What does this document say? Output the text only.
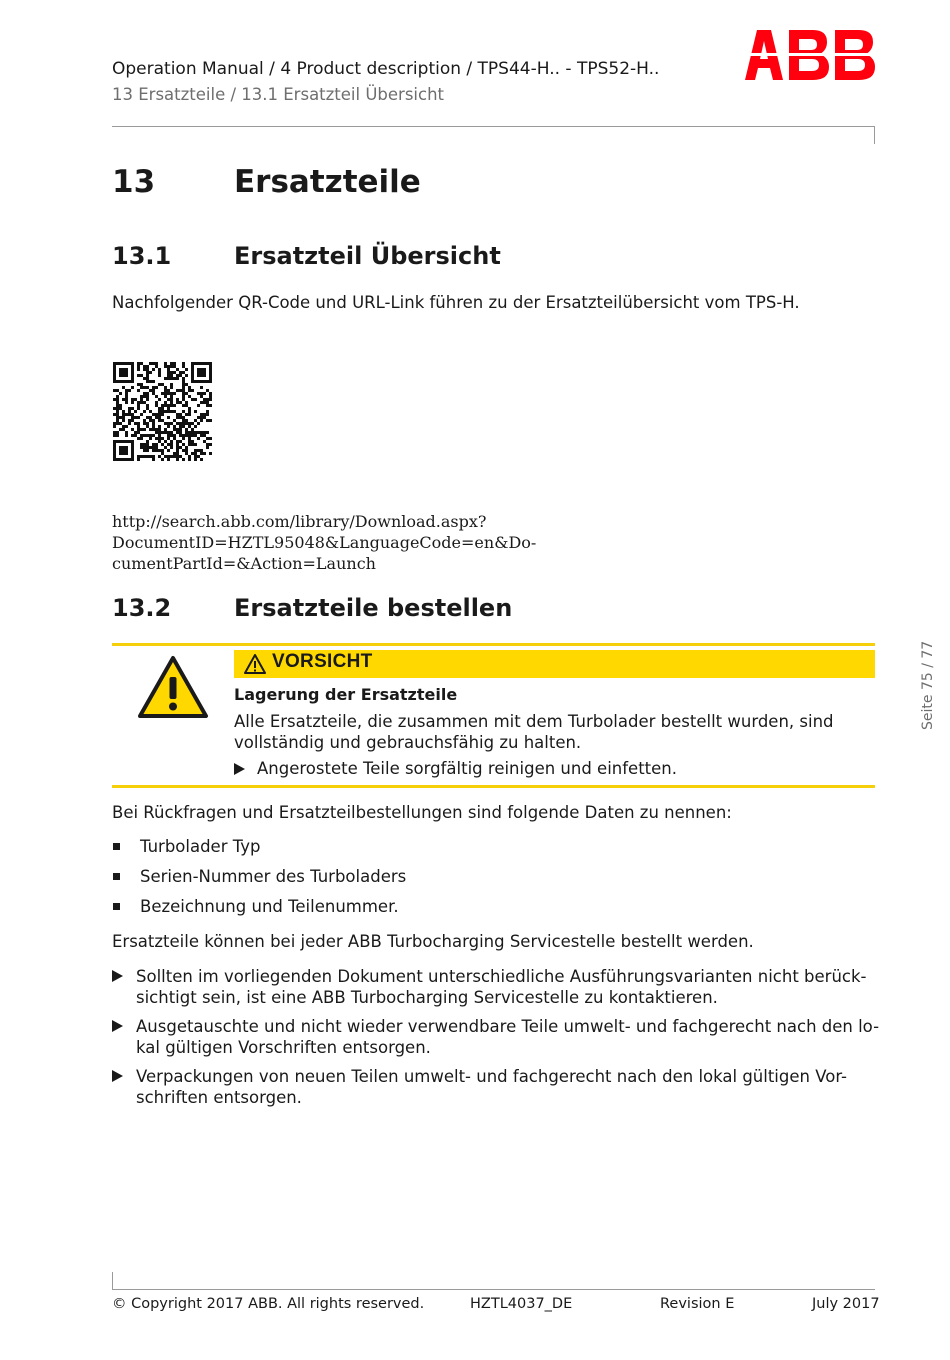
Operation Manual / 4 Product description / TPS44-H.. - TPS52-H..
13 Ersatzteile / 13.1 Ersatzteil Übersicht
13	Ersatzteile
13.1	Ersatzteil Übersicht
Nachfolgender QR-Code und URL-Link führen zu der Ersatzteilübersicht vom TPS-H.
http://search.abb.com/library/Download.aspx?DocumentID=HZTL95048&LanguageCode=en&Do-
cumentPartId=&Action=Launch
13.2	Ersatzteile bestellen
VORSICHT
Lagerung der Ersatzteile
Alle Ersatzteile, die zusammen mit dem Turbolader bestellt wurden, sind vollständig und gebrauchsfähig zu halten.
Angerostete Teile sorgfältig reinigen und einfetten.
Bei Rückfragen und Ersatzteilbestellungen sind folgende Daten zu nennen:
Turbolader Typ
Serien-Nummer des Turboladers
Bezeichnung und Teilenummer.
Ersatzteile können bei jeder ABB Turbocharging Servicestelle bestellt werden.
Sollten im vorliegenden Dokument unterschiedliche Ausführungsvarianten nicht berück-sichtigt sein, ist eine ABB Turbocharging Servicestelle zu kontaktieren.
Ausgetauschte und nicht wieder verwendbare Teile umwelt- und fachgerecht nach den lo-kal gültigen Vorschriften entsorgen.
Verpackungen von neuen Teilen umwelt- und fachgerecht nach den lokal gültigen Vor-schriften entsorgen.
Seite 75 / 77
© Copyright 2017 ABB. All rights reserved.	HZTL4037_DE	Revision E	July 2017
